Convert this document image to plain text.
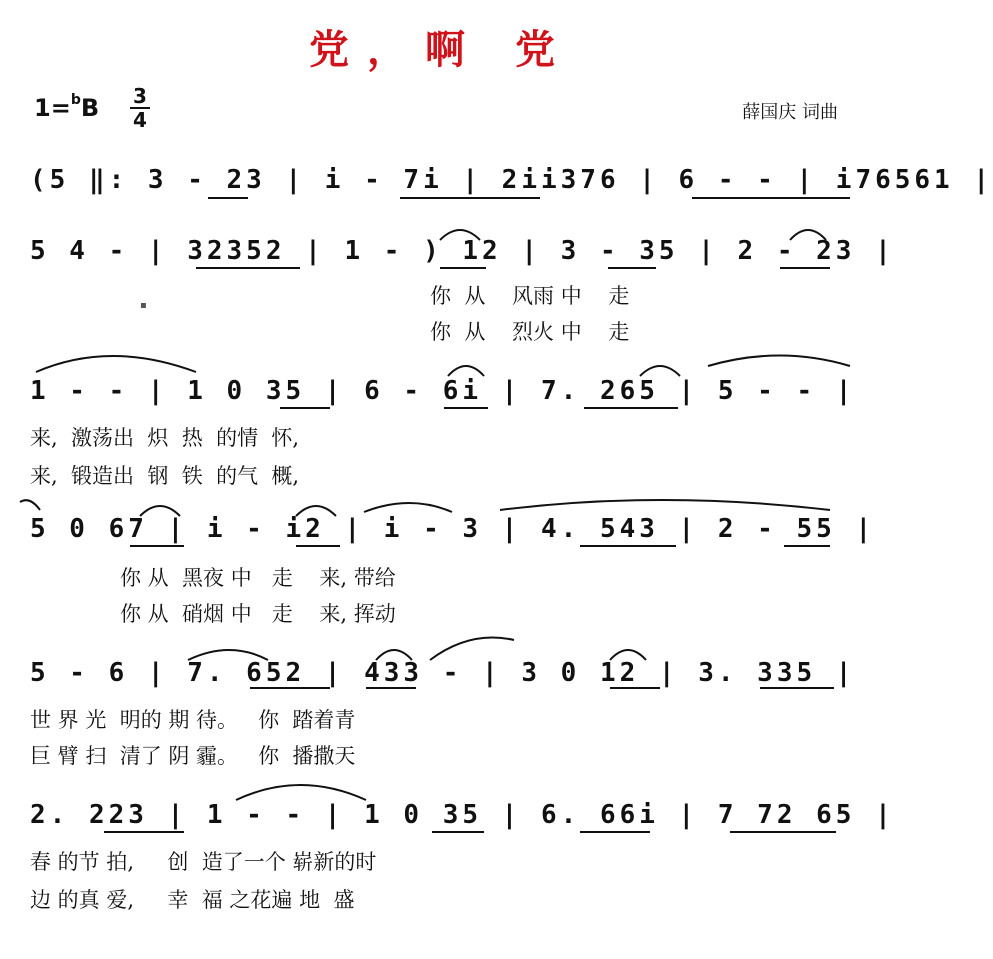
党，啊 党
1=$^b$B 3
4	薛国庆 词曲
(5 ‖: 3 - 23 | i - 7i | 2ii376 | 6 - - | i76561 |
5 4 - | 32352 | 1 - ) 12 | 3 - 35 | 2 - 23 |
你  从    风雨 中    走
你  从    烈火 中    走
1 - - | 1 0 35 | 6 - 6i | 7. 265 | 5 - - |
来,  激荡出  炽  热  的情  怀,
来,  锻造出  钢  铁  的气  概,
5 0 67 | i - i2 | i - 3 | 4. 543 | 2 - 55 |
你 从  黑夜 中   走    来, 带给
你 从  硝烟 中   走    来, 挥动
5 - 6 | 7. 652 | 433 - | 3 0 12 | 3. 335 |
世 界 光  明的 期 待。   你  踏着青
巨 臂 扫  清了 阴 霾。   你  播撒天
2. 223 | 1 - - | 1 0 35 | 6. 66i | 7 72 65 |
春 的节 拍,     创  造了一个 崭新的时
边 的真 爱,     幸  福 之花遍 地  盛
▪
